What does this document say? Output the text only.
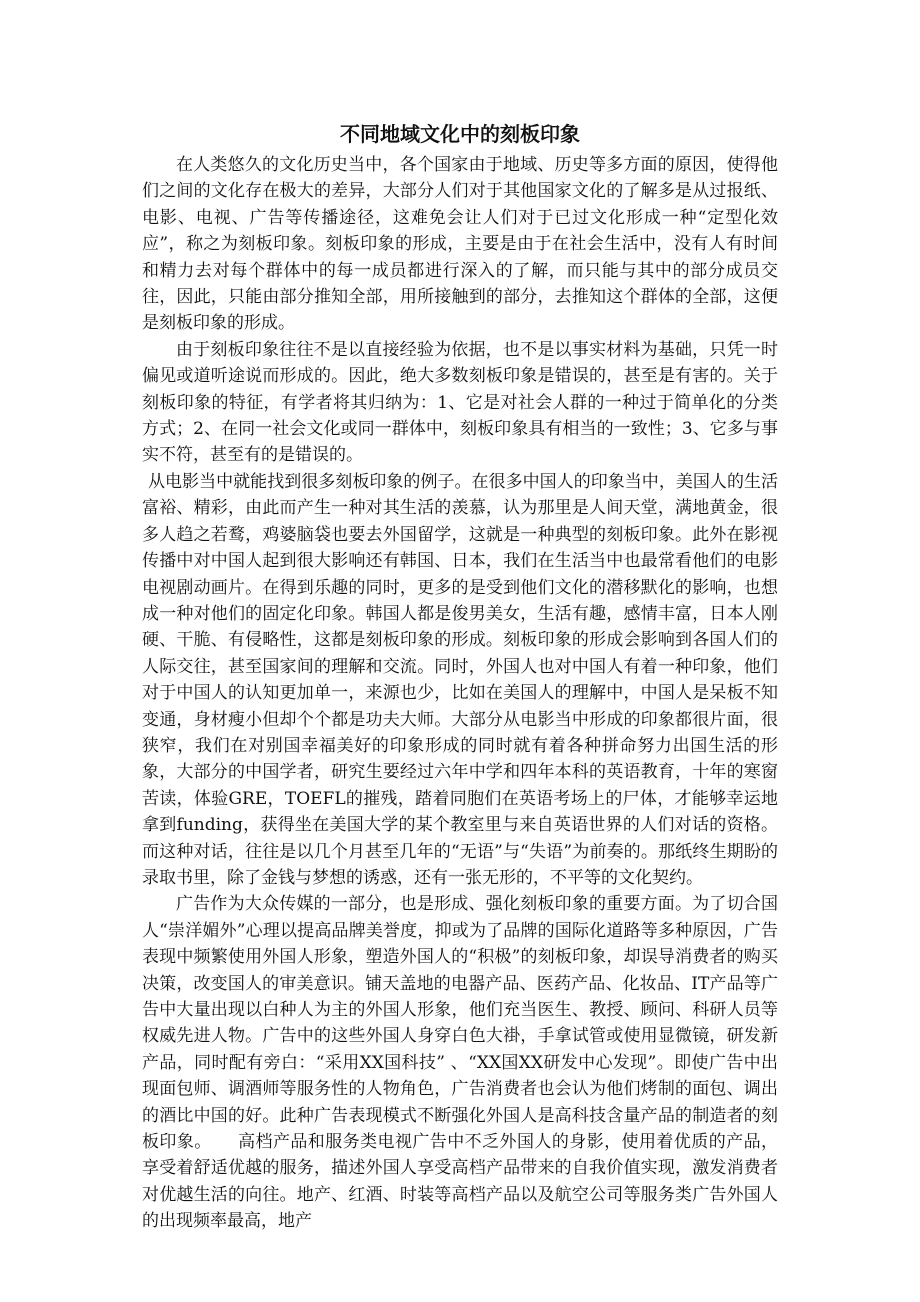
不同地域文化中的刻板印象

在人类悠久的文化历史当中，各个国家由于地域、历史等多方面的原因，使得他们之间的文化存在极大的差异，大部分人们对于其他国家文化的了解多是从过报纸、电影、电视、广告等传播途径，这难免会让人们对于已过文化形成一种“定型化效应”，称之为刻板印象。刻板印象的形成，主要是由于在社会生活中，没有人有时间和精力去对每个群体中的每一成员都进行深入的了解，而只能与其中的部分成员交往，因此，只能由部分推知全部，用所接触到的部分，去推知这个群体的全部，这便是刻板印象的形成。

由于刻板印象往往不是以直接经验为依据，也不是以事实材料为基础，只凭一时偏见或道听途说而形成的。因此，绝大多数刻板印象是错误的，甚至是有害的。关于刻板印象的特征，有学者将其归纳为：1、它是对社会人群的一种过于简单化的分类方式；2、在同一社会文化或同一群体中，刻板印象具有相当的一致性；3、它多与事实不符，甚至有的是错误的。

从电影当中就能找到很多刻板印象的例子。在很多中国人的印象当中，美国人的生活富裕、精彩，由此而产生一种对其生活的羡慕，认为那里是人间天堂，满地黄金，很多人趋之若鹜，鸡婆脑袋也要去外国留学，这就是一种典型的刻板印象。此外在影视传播中对中国人起到很大影响还有韩国、日本，我们在生活当中也最常看他们的电影电视剧动画片。在得到乐趣的同时，更多的是受到他们文化的潜移默化的影响，也想成一种对他们的固定化印象。韩国人都是俊男美女，生活有趣，感情丰富，日本人刚硬、干脆、有侵略性，这都是刻板印象的形成。刻板印象的形成会影响到各国人们的人际交往，甚至国家间的理解和交流。同时，外国人也对中国人有着一种印象，他们对于中国人的认知更加单一，来源也少，比如在美国人的理解中，中国人是呆板不知变通，身材瘦小但却个个都是功夫大师。大部分从电影当中形成的印象都很片面，很狭窄，我们在对别国幸福美好的印象形成的同时就有着各种拼命努力出国生活的形象，大部分的中国学者，研究生要经过六年中学和四年本科的英语教育，十年的寒窗苦读，体验GRE，TOEFL的摧残，踏着同胞们在英语考场上的尸体，才能够幸运地拿到funding，获得坐在美国大学的某个教室里与来自英语世界的人们对话的资格。而这种对话，往往是以几个月甚至几年的“无语”与“失语”为前奏的。那纸终生期盼的录取书里，除了金钱与梦想的诱惑，还有一张无形的，不平等的文化契约。

广告作为大众传媒的一部分，也是形成、强化刻板印象的重要方面。为了切合国人“崇洋媚外”心理以提高品牌美誉度，抑或为了品牌的国际化道路等多种原因，广告表现中频繁使用外国人形象，塑造外国人的“积极”的刻板印象，却误导消费者的购买决策，改变国人的审美意识。铺天盖地的电器产品、医药产品、化妆品、IT产品等广告中大量出现以白种人为主的外国人形象，他们充当医生、教授、顾问、科研人员等权威先进人物。广告中的这些外国人身穿白色大褂，手拿试管或使用显微镜，研发新产品，同时配有旁白：“采用XX国科技” 、“XX国XX研发中心发现”。即使广告中出现面包师、调酒师等服务性的人物角色，广告消费者也会认为他们烤制的面包、调出的酒比中国的好。此种广告表现模式不断强化外国人是高科技含量产品的制造者的刻板印象。　　高档产品和服务类电视广告中不乏外国人的身影，使用着优质的产品，享受着舒适优越的服务，描述外国人享受高档产品带来的自我价值实现，激发消费者对优越生活的向往。地产、红酒、时装等高档产品以及航空公司等服务类广告外国人的出现频率最高，地产
